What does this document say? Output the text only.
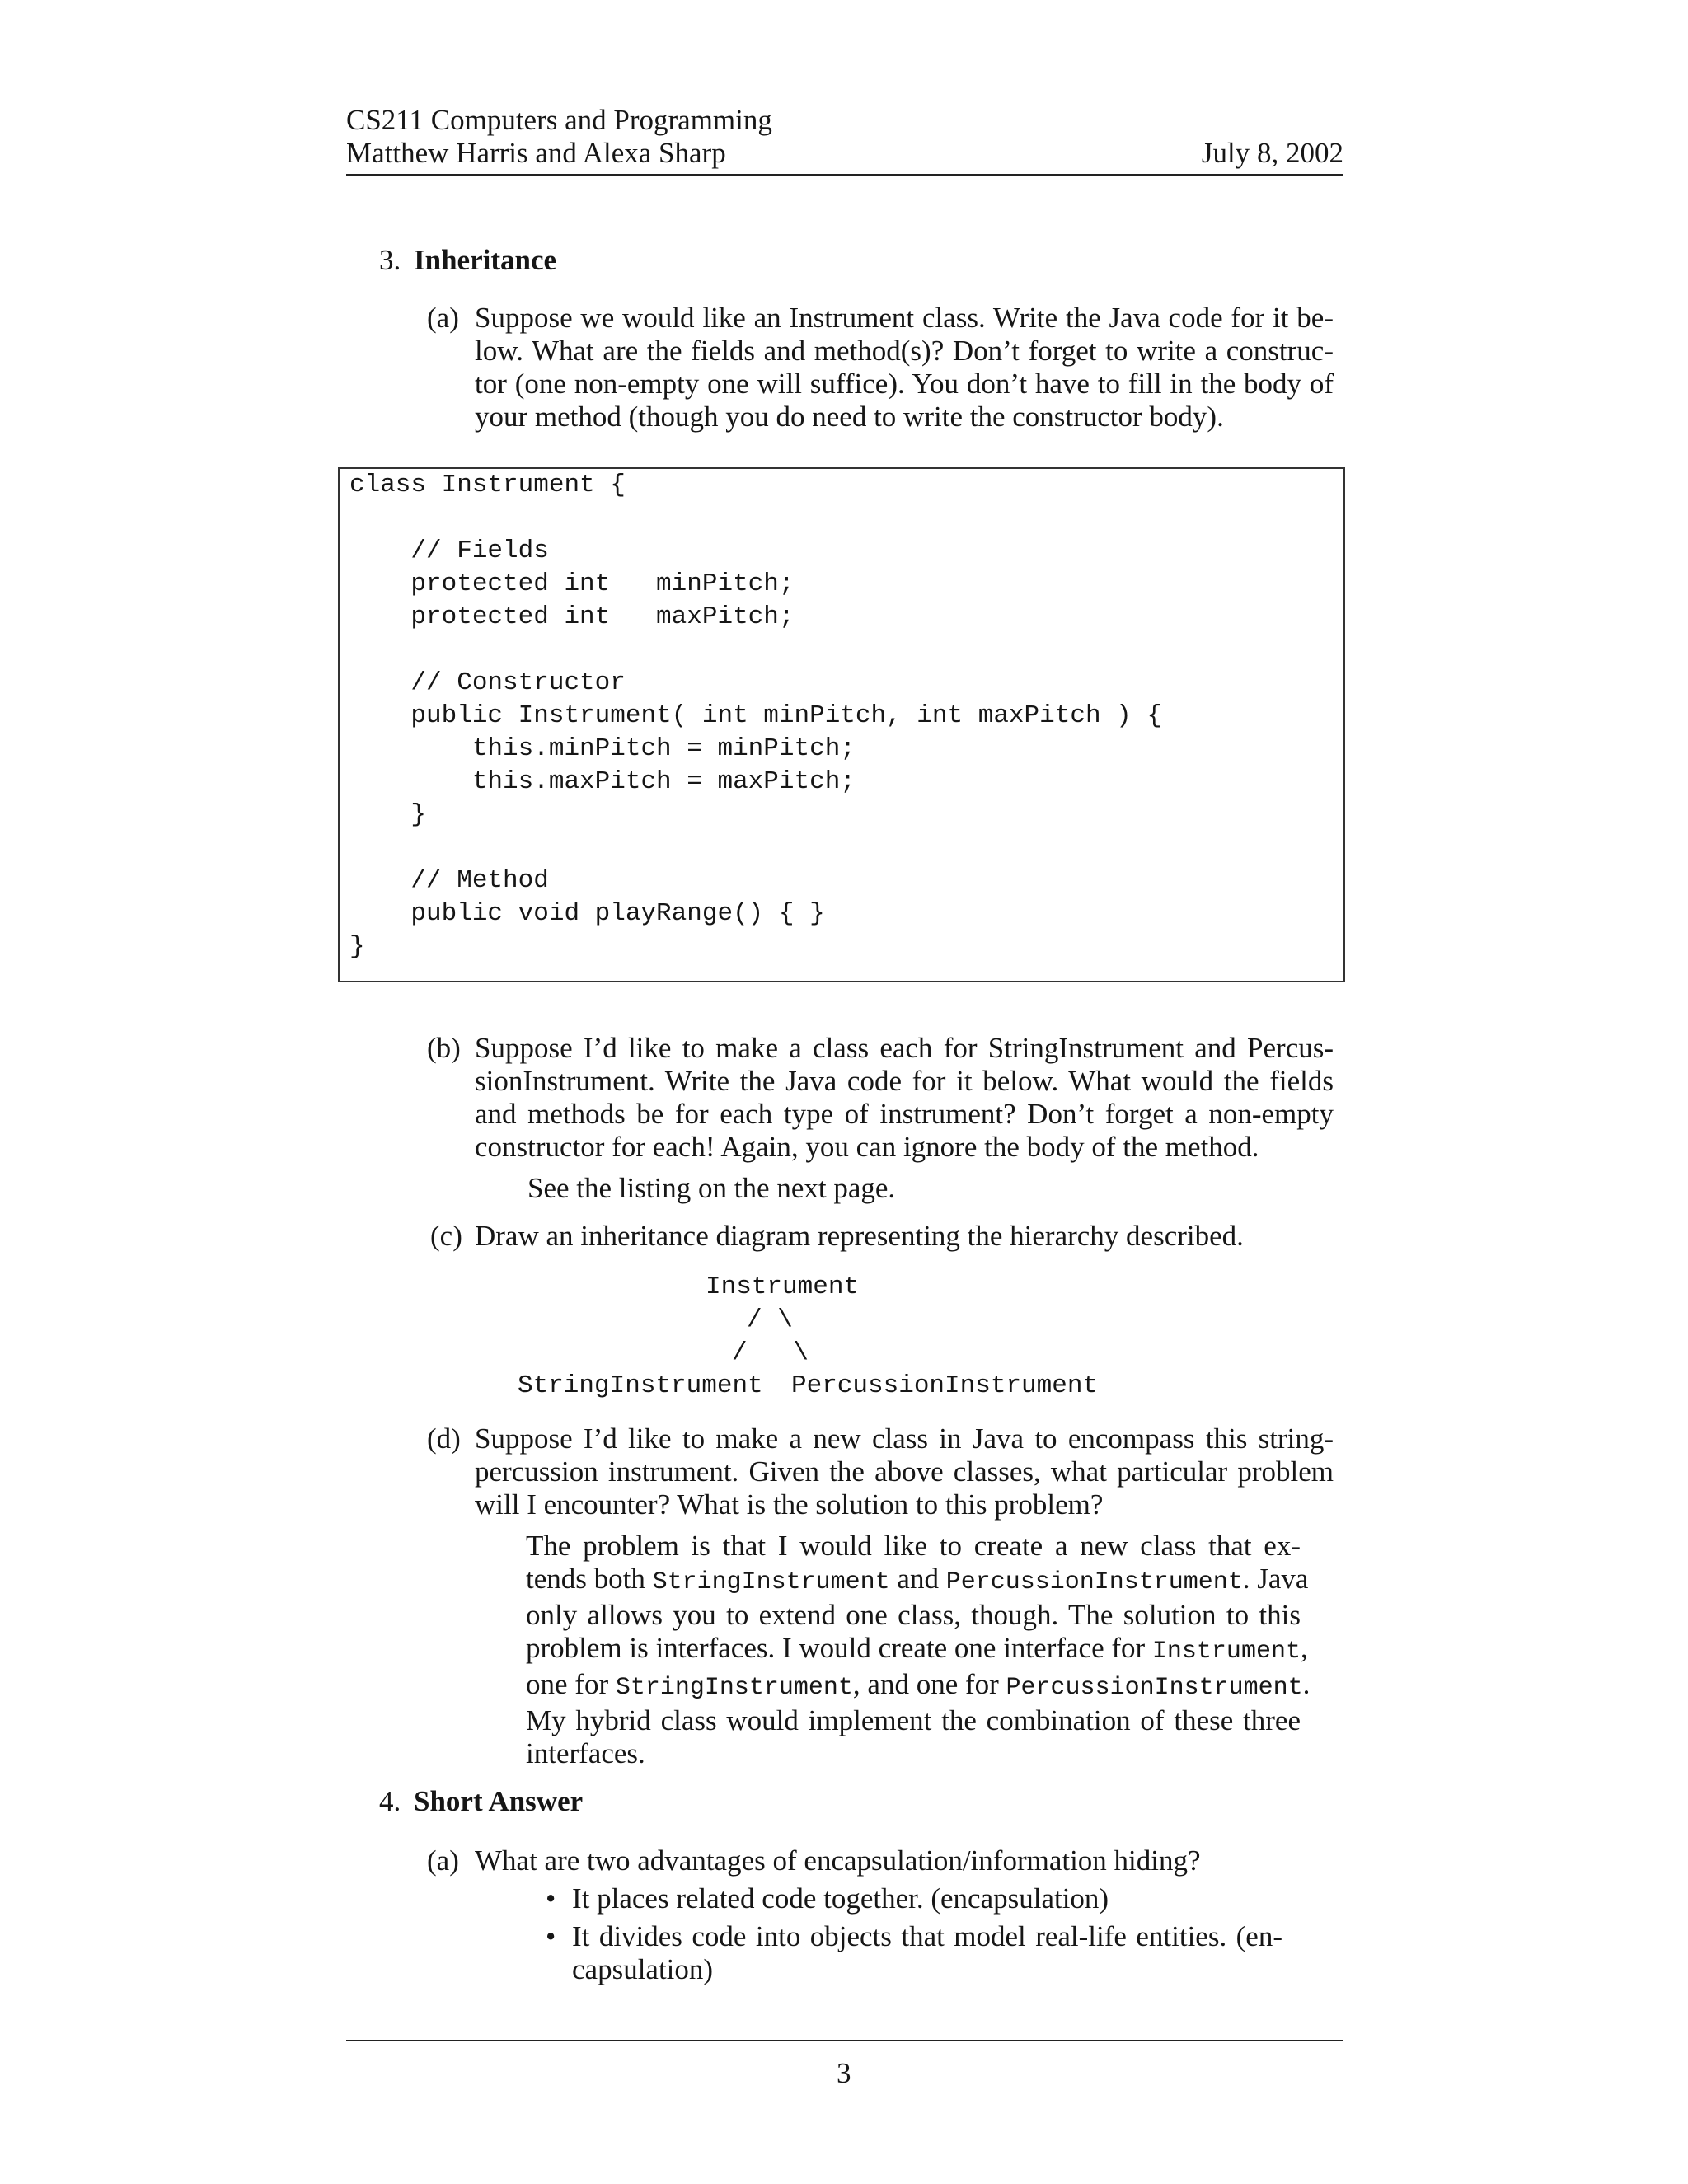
CS211 Computers and Programming
Matthew Harris and Alexa Sharp	July 8, 2002
3. Inheritance
(a) Suppose we would like an Instrument class. Write the Java code for it be-
low. What are the fields and method(s)? Don’t forget to write a construc-
tor (one non-empty one will suffice). You don’t have to fill in the body of
your method (though you do need to write the constructor body).
class Instrument {
// Fields
protected int   minPitch;
protected int   maxPitch;
// Constructor
public Instrument( int minPitch, int maxPitch ) {
this.minPitch = minPitch;
this.maxPitch = maxPitch;
}
// Method
public void playRange() { }
}
(b) Suppose I’d like to make a class each for StringInstrument and Percus-
sionInstrument. Write the Java code for it below. What would the fields
and methods be for each type of instrument? Don’t forget a non-empty
constructor for each! Again, you can ignore the body of the method.
See the listing on the next page.
(c) Draw an inheritance diagram representing the hierarchy described.
Instrument
/ \
/   \
StringInstrument PercussionInstrument
(d) Suppose I’d like to make a new class in Java to encompass this string-
percussion instrument. Given the above classes, what particular problem
will I encounter? What is the solution to this problem?
The problem is that I would like to create a new class that ex-
tends both StringInstrument and PercussionInstrument. Java
only allows you to extend one class, though. The solution to this
problem is interfaces. I would create one interface for Instrument,
one for StringInstrument, and one for PercussionInstrument.
My hybrid class would implement the combination of these three
interfaces.
4. Short Answer
(a) What are two advantages of encapsulation/information hiding?
• It places related code together. (encapsulation)
• It divides code into objects that model real-life entities. (en-
capsulation)
3
